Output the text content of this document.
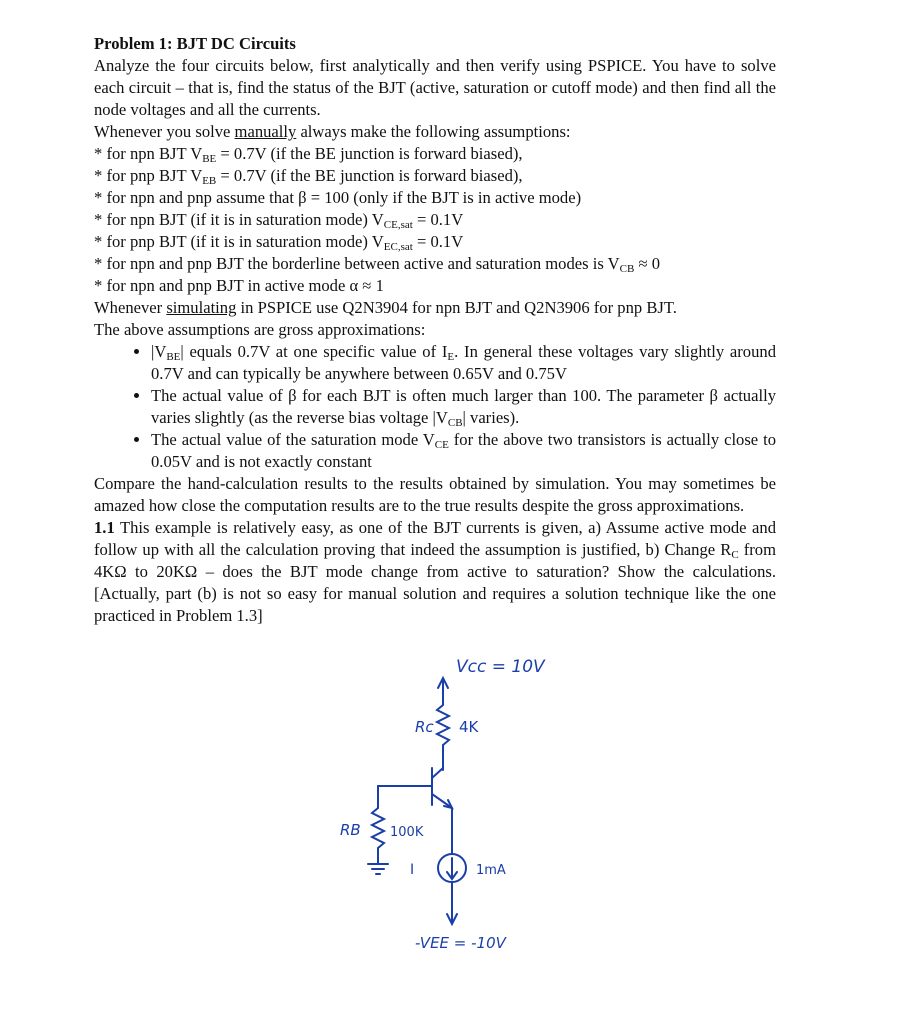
Problem 1: BJT DC Circuits
Analyze the four circuits below, first analytically and then verify using PSPICE. You have to solve each circuit – that is, find the status of the BJT (active, saturation or cutoff mode) and then find all the node voltages and all the currents.
Whenever you solve manually always make the following assumptions:
* for npn BJT $V_{BE} = 0.7V$ (if the BE junction is forward biased),
* for pnp BJT $V_{EB} = 0.7V$ (if the BE junction is forward biased),
* for npn and pnp assume that β = 100 (only if the BJT is in active mode)
* for npn BJT (if it is in saturation mode) $V_{CE,sat} = 0.1V$
* for pnp BJT (if it is in saturation mode) $V_{EC,sat} = 0.1V$
* for npn and pnp BJT the borderline between active and saturation modes is $V_{CB} \approx 0$
* for npn and pnp BJT in active mode α ≈ 1
Whenever simulating in PSPICE use Q2N3904 for npn BJT and Q2N3906 for pnp BJT.
The above assumptions are gross approximations:
• $|V_{BE}|$ equals 0.7V at one specific value of $I_E$. In general these voltages vary slightly around 0.7V and can typically be anywhere between 0.65V and 0.75V
• The actual value of β for each BJT is often much larger than 100. The parameter β actually varies slightly (as the reverse bias voltage $|V_{CB}|$ varies).
• The actual value of the saturation mode $V_{CE}$ for the above two transistors is actually close to 0.05V and is not exactly constant
Compare the hand-calculation results to the results obtained by simulation. You may sometimes be amazed how close the computation results are to the true results despite the gross approximations.
1.1 This example is relatively easy, as one of the BJT currents is given, a) Assume active mode and follow up with all the calculation proving that indeed the assumption is justified, b) Change $R_C$ from 4KΩ to 20KΩ – does the BJT mode change from active to saturation? Show the calculations. [Actually, part (b) is not so easy for manual solution and requires a solution technique like the one practiced in Problem 1.3]
Vcc = 10V
Rc 4K
RB 100K
I	1mA
-VEE = -10V
